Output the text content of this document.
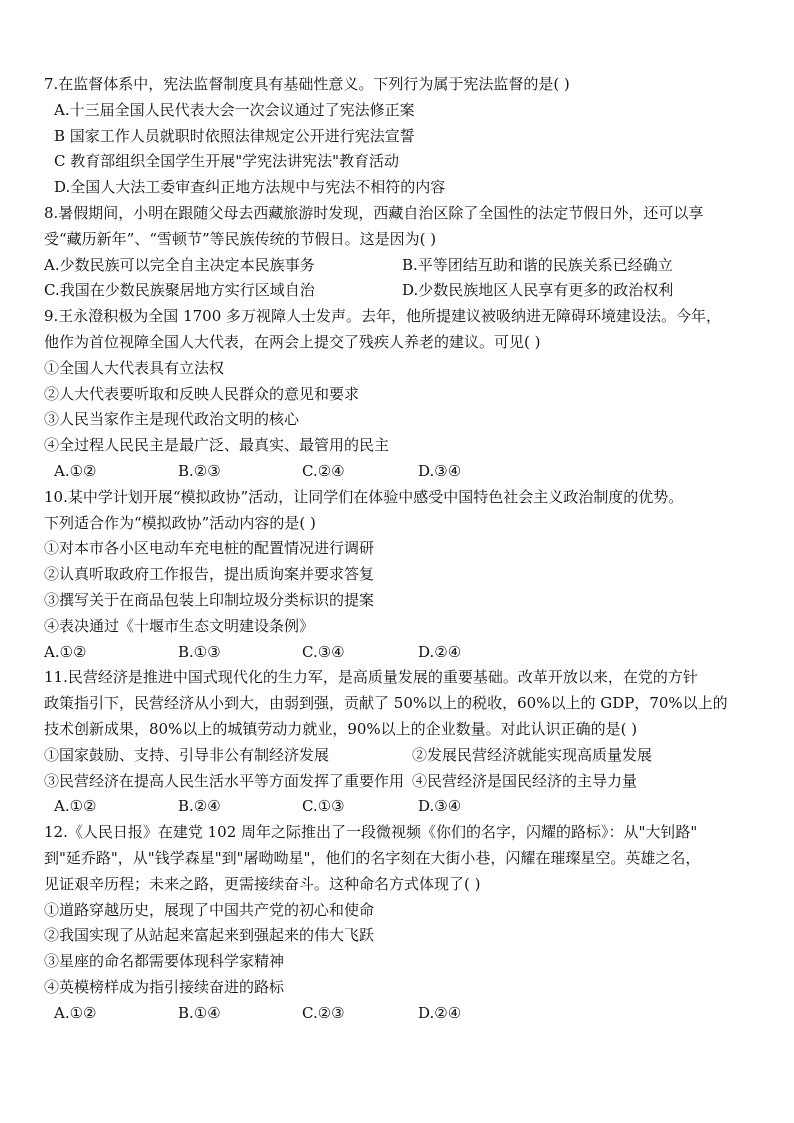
7.在监督体系中，宪法监督制度具有基础性意义。下列行为属于宪法监督的是( )
A.十三届全国人民代表大会一次会议通过了宪法修正案
B 国家工作人员就职时依照法律规定公开进行宪法宣誓
C 教育部组织全国学生开展"学宪法讲宪法"教育活动
D.全国人大法工委审查纠正地方法规中与宪法不相符的内容
8.暑假期间，小明在跟随父母去西藏旅游时发现，西藏自治区除了全国性的法定节假日外，还可以享
受“藏历新年”、“雪顿节”等民族传统的节假日。这是因为( )
A.少数民族可以完全自主决定本民族事务	B.平等团结互助和谐的民族关系已经确立
C.我国在少数民族聚居地方实行区域自治	D.少数民族地区人民享有更多的政治权利
9.王永澄积极为全国 1700 多万视障人士发声。去年，他所提建议被吸纳进无障碍环境建设法。今年，
他作为首位视障全国人大代表，在两会上提交了残疾人养老的建议。可见( )
①全国人大代表具有立法权
②人大代表要听取和反映人民群众的意见和要求
③人民当家作主是现代政治文明的核心
④全过程人民民主是最广泛、最真实、最管用的民主
A.①②	B.②③	C.②④	D.③④
10.某中学计划开展“模拟政协”活动，让同学们在体验中感受中国特色社会主义政治制度的优势。
下列适合作为“模拟政协”活动内容的是( )
①对本市各小区电动车充电桩的配置情况进行调研
②认真听取政府工作报告，提出质询案并要求答复
③撰写关于在商品包装上印制垃圾分类标识的提案
④表决通过《十堰市生态文明建设条例》
A.①②	B.①③	C.③④	D.②④
11.民营经济是推进中国式现代化的生力军，是高质量发展的重要基础。改革开放以来，在党的方针
政策指引下，民营经济从小到大，由弱到强，贡献了 50%以上的税收，60%以上的 GDP，70%以上的
技术创新成果，80%以上的城镇劳动力就业，90%以上的企业数量。对此认识正确的是( )
①国家鼓励、支持、引导非公有制经济发展	②发展民营经济就能实现高质量发展
③民营经济在提高人民生活水平等方面发挥了重要作用 ④民营经济是国民经济的主导力量
A.①②	B.②④	C.①③	D.③④
12.《人民日报》在建党 102 周年之际推出了一段微视频《你们的名字，闪耀的路标》：从"大钊路"
到"延乔路"，从"钱学森星"到"屠呦呦星"，他们的名字刻在大街小巷，闪耀在璀璨星空。英雄之名，
见证艰辛历程；未来之路，更需接续奋斗。这种命名方式体现了( )
①道路穿越历史，展现了中国共产党的初心和使命
②我国实现了从站起来富起来到强起来的伟大飞跃
③星座的命名都需要体现科学家精神
④英模榜样成为指引接续奋进的路标
A.①②	B.①④	C.②③	D.②④
